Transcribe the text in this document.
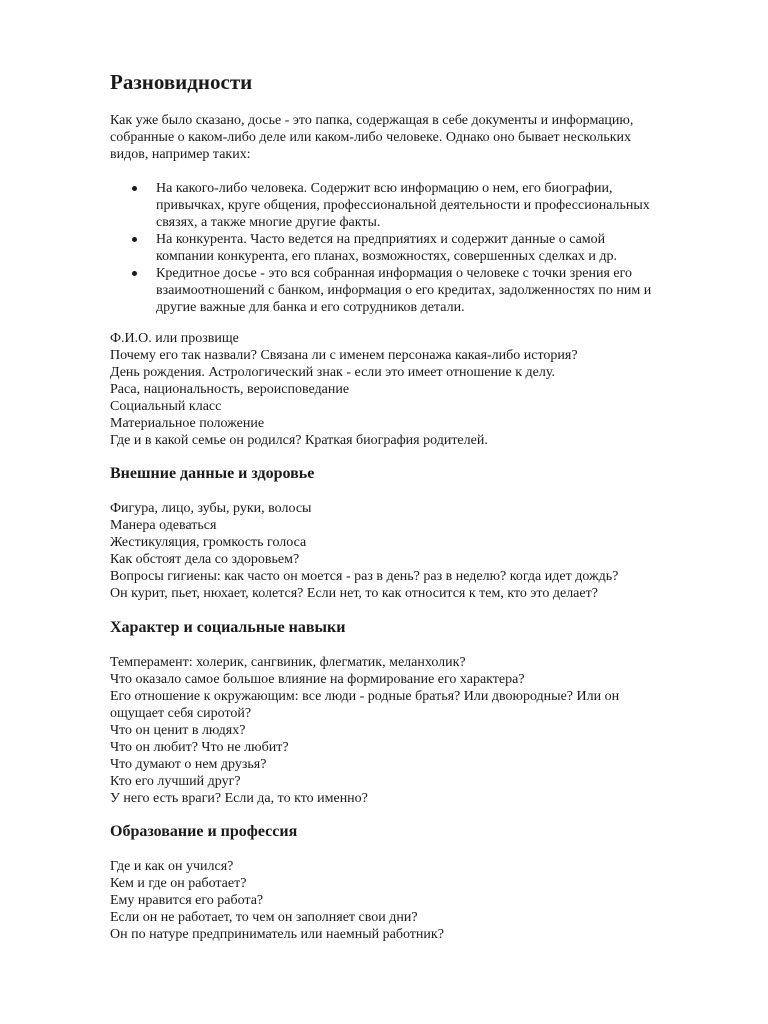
Разновидности

Как уже было сказано, досье - это папка, содержащая в себе документы и информацию,
собранные о каком-либо деле или каком-либо человеке. Однако оно бывает нескольких
видов, например таких:

На какого-либо человека. Содержит всю информацию о нем, его биографии,
привычках, круге общения, профессиональной деятельности и профессиональных
связях, а также многие другие факты.
На конкурента. Часто ведется на предприятиях и содержит данные о самой
компании конкурента, его планах, возможностях, совершенных сделках и др.
Кредитное досье - это вся собранная информация о человеке с точки зрения его
взаимоотношений с банком, информация о его кредитах, задолженностях по ним и
другие важные для банка и его сотрудников детали.
Ф.И.О. или прозвище
Почему его так назвали? Связана ли с именем персонажа какая-либо история?
День рождения. Астрологический знак - если это имеет отношение к делу.
Раса, национальность, вероисповедание
Социальный класс
Материальное положение
Где и в какой семье он родился? Краткая биография родителей.
Внешние данные и здоровье
Фигура, лицо, зубы, руки, волосы
Манера одеваться
Жестикуляция, громкость голоса
Как обстоят дела со здоровьем?
Вопросы гигиены: как часто он моется - раз в день? раз в неделю? когда идет дождь?
Он курит, пьет, нюхает, колется? Если нет, то как относится к тем, кто это делает?
Характер и социальные навыки
Темперамент: холерик, сангвиник, флегматик, меланхолик?
Что оказало самое большое влияние на формирование его характера?
Его отношение к окружающим: все люди - родные братья? Или двоюродные? Или он
ощущает себя сиротой?
Что он ценит в людях?
Что он любит? Что не любит?
Что думают о нем друзья?
Кто его лучший друг?
У него есть враги? Если да, то кто именно?
Образование и профессия
Где и как он учился?
Кем и где он работает?
Ему нравится его работа?
Если он не работает, то чем он заполняет свои дни?
Он по натуре предприниматель или наемный работник?
